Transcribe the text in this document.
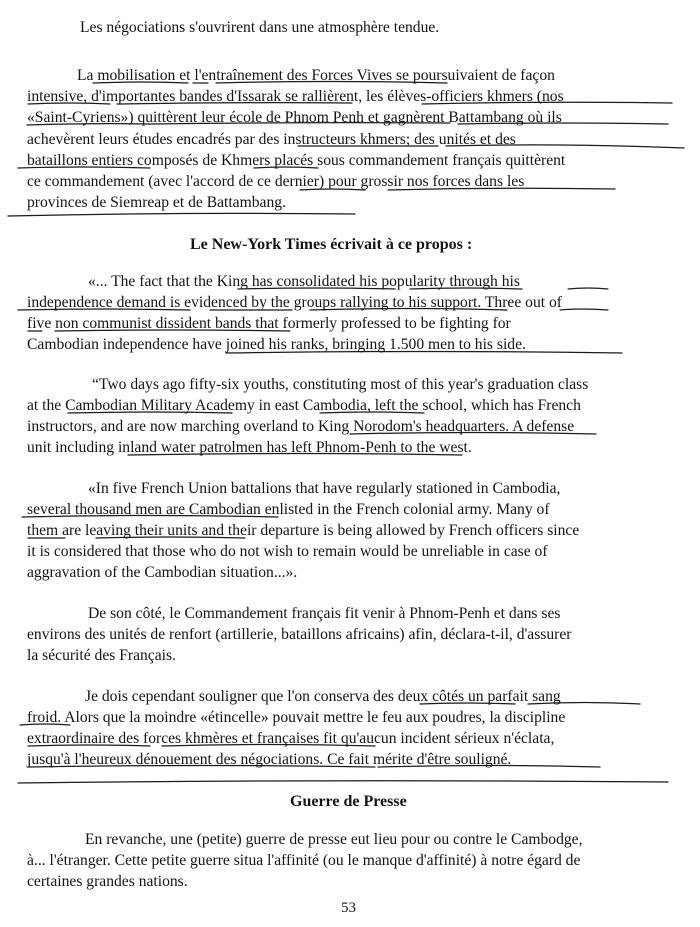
Les négociations s'ouvrirent dans une atmosphère tendue.
La mobilisation et l'entraînement des Forces Vives se poursuivaient de façon
intensive, d'importantes bandes d'Issarak se rallièrent, les élèves-officiers khmers (nos
«Saint-Cyriens») quittèrent leur école de Phnom Penh et gagnèrent Battambang où ils
achevèrent leurs études encadrés par des instructeurs khmers; des unités et des
bataillons entiers composés de Khmers placés sous commandement français quittèrent
ce commandement (avec l'accord de ce dernier) pour grossir nos forces dans les
provinces de Siemreap et de Battambang.
Le New-York Times écrivait à ce propos :
«... The fact that the King has consolidated his popularity through his
independence demand is evidenced by the groups rallying to his support. Three out of
five non communist dissident bands that formerly professed to be fighting for
Cambodian independence have joined his ranks, bringing 1.500 men to his side.
“Two days ago fifty-six youths, constituting most of this year's graduation class
at the Cambodian Military Academy in east Cambodia, left the school, which has French
instructors, and are now marching overland to King Norodom's headquarters. A defense
unit including inland water patrolmen has left Phnom-Penh to the west.
«In five French Union battalions that have regularly stationed in Cambodia,
several thousand men are Cambodian enlisted in the French colonial army. Many of
them are leaving their units and their departure is being allowed by French officers since
it is considered that those who do not wish to remain would be unreliable in case of
aggravation of the Cambodian situation...».
De son côté, le Commandement français fit venir à Phnom-Penh et dans ses
environs des unités de renfort (artillerie, bataillons africains) afin, déclara-t-il, d'assurer
la sécurité des Français.
Je dois cependant souligner que l'on conserva des deux côtés un parfait sang
froid. Alors que la moindre «étincelle» pouvait mettre le feu aux poudres, la discipline
extraordinaire des forces khmères et françaises fit qu'aucun incident sérieux n'éclata,
jusqu'à l'heureux dénouement des négociations. Ce fait mérite d'être souligné.
Guerre de Presse
En revanche, une (petite) guerre de presse eut lieu pour ou contre le Cambodge,
à... l'étranger. Cette petite guerre situa l'affinité (ou le manque d'affinité) à notre égard de
certaines grandes nations.
53
